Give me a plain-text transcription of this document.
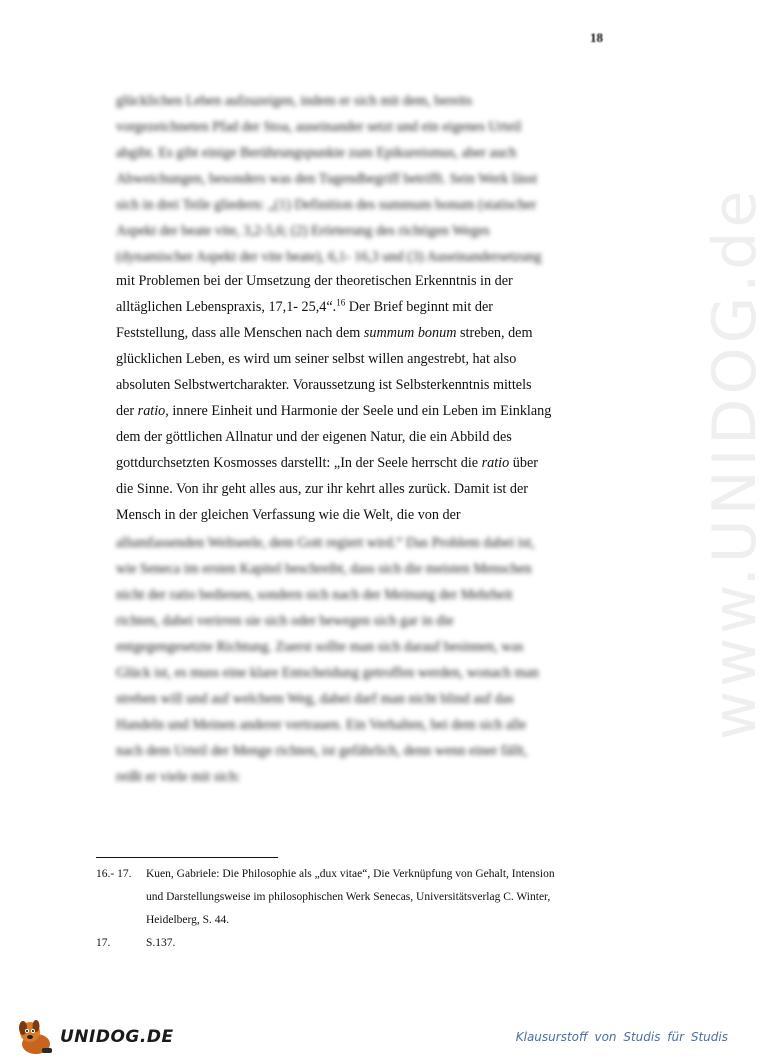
18
www.UNIDOG.de

glücklichen Leben aufzuzeigen, indem er sich mit dem, bereits

vorgezeichneten Pfad der Stoa, auseinander setzt und ein eigenes Urteil

abgibt. Es gibt einige Berührungspunkte zum Epikureismus, aber auch

Abweichungen, besonders was den Tugendbegriff betrifft. Sein Werk lässt

sich in drei Teile gliedern: „(1) Definition des summum bonum (statischer

Aspekt der beate vite, 3,2-5,6; (2) Erörterung des richtigen Weges

(dynamischer Aspekt der vite beate), 6,1- 16,3 und (3) Auseinandersetzung

mit Problemen bei der Umsetzung der theoretischen Erkenntnis in der

alltäglichen Lebenspraxis, 17,1- 25,4“.$^{16}$ Der Brief beginnt mit der

Feststellung, dass alle Menschen nach dem summum bonum streben, dem

glücklichen Leben, es wird um seiner selbst willen angestrebt, hat also

absoluten Selbstwertcharakter. Voraussetzung ist Selbsterkenntnis mittels

der ratio, innere Einheit und Harmonie der Seele und ein Leben im Einklang

dem der göttlichen Allnatur und der eigenen Natur, die ein Abbild des

gottdurchsetzten Kosmosses darstellt: „In der Seele herrscht die ratio über

die Sinne. Von ihr geht alles aus, zur ihr kehrt alles zurück. Damit ist der

Mensch in der gleichen Verfassung wie die Welt, die von der

allumfassenden Weltseele, dem Gott regiert wird.“ Das Problem dabei ist,

wie Seneca im ersten Kapitel beschreibt, dass sich die meisten Menschen

nicht der ratio bedienen, sondern sich nach der Meinung der Mehrheit

richten, dabei verirren sie sich oder bewegen sich gar in die

entgegengesetzte Richtung. Zuerst sollte man sich darauf besinnen, was

Glück ist, es muss eine klare Entscheidung getroffen werden, wonach man

streben will und auf welchem Weg, dabei darf man nicht blind auf das

Handeln und Meinen anderer vertrauen. Ein Verhalten, bei dem sich alle

nach dem Urteil der Menge richten, ist gefährlich, denn wenn einer fällt,

reißt er viele mit sich:

16.- 17.	Kuen, Gabriele: Die Philosophie als „dux vitae“, Die Verknüpfung von Gehalt, Intension
und Darstellungsweise im philosophischen Werk Senecas, Universitätsverlag C. Winter,
Heidelberg, S. 44.
17.	S.137.
UNIDOG.DE	Klausurstoff von Studis für Studis
